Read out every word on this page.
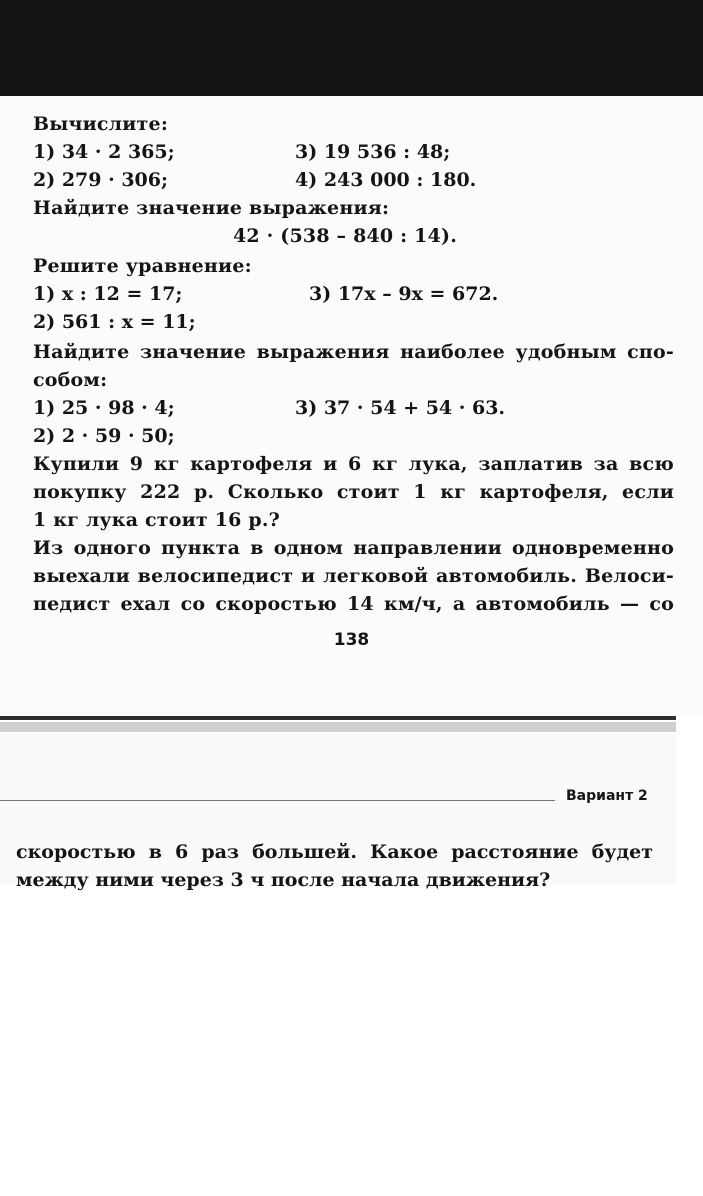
Вычислите:

1) 34 · 2 365;	3) 19 536 : 48;
2) 279 · 306;	4) 243 000 : 180.

Найдите значение выражения:

42 · (538 – 840 : 14).

Решите уравнение:

1) x : 12 = 17;	3) 17x – 9x = 672.
2) 561 : x = 11;

Найдите значение выражения наиболее удобным спо-

собом:

1) 25 · 98 · 4;	3) 37 · 54 + 54 · 63.
2) 2 · 59 · 50;

Купили 9 кг картофеля и 6 кг лука, заплатив за всю

покупку 222 р. Сколько стоит 1 кг картофеля, если

1 кг лука стоит 16 р.?

Из одного пункта в одном направлении одновременно

выехали велосипедист и легковой автомобиль. Велоси-

педист ехал со скоростью 14 км/ч, а автомобиль — со

138
Вариант 2

скоростью в 6 раз большей. Какое расстояние будет

между ними через 3 ч после начала движения?
